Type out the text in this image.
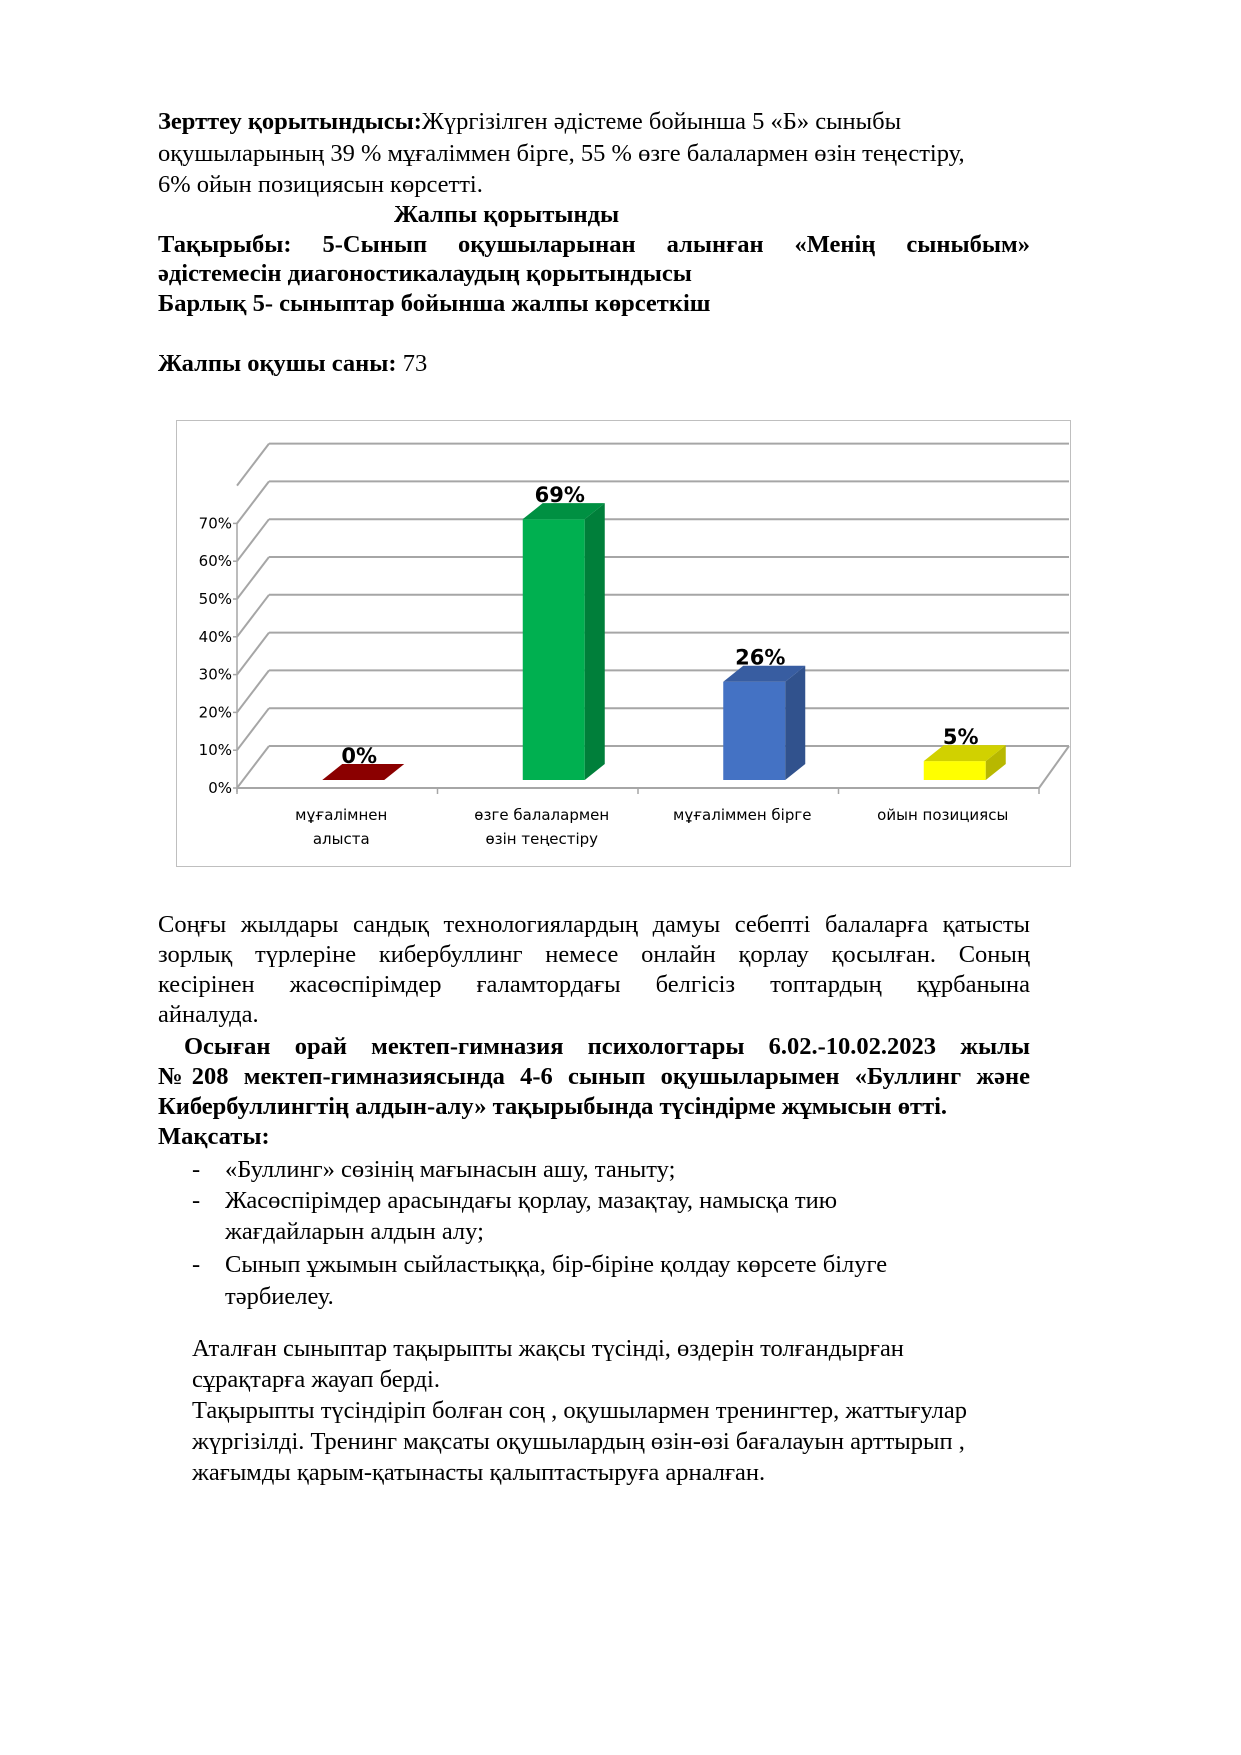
Зерттеу қорытындысы:Жүргізілген әдістеме бойынша 5 «Б» сыныбы
оқушыларының 39 % мұғаліммен бірге, 55 % өзге балалармен өзін теңестіру,
6% ойын позициясын көрсетті.
Жалпы қорытынды
Тақырыбы: 5-Сынып оқушыларынан алынған «Менің сыныбым»
әдістемесін диагоностикалаудың қорытындысы
Барлық 5- сыныптар бойынша жалпы көрсеткіш
Жалпы оқушы саны: 73
0%
10%
20%
30%
40%
50%
60%
70%
0%
69%
26%
5%
мұғалімнен
алыста
өзге балалармен
өзін теңестіру
мұғаліммен бірге	ойын позициясы
Соңғы жылдары сандық технологиялардың дамуы себепті балаларға қатысты
зорлық түрлеріне кибербуллинг немесе онлайн қорлау қосылған. Соның
кесірінен жасөспірімдер ғаламтордағы белгісіз топтардың құрбанына
айналуда.
Осыған орай мектеп-гимназия психологтары 6.02.-10.02.2023 жылы
№208 мектеп-гимназиясында 4-6 сынып оқушыларымен «Буллинг және
Кибербуллингтің алдын-алу» тақырыбында түсіндірме жұмысын өтті.
Мақсаты:
- «Буллинг» сөзінің мағынасын ашу, таныту;
- Жасөспірімдер арасындағы қорлау, мазақтау, намысқа тию
жағдайларын алдын алу;
- Сынып ұжымын сыйластыққа, бір-біріне қолдау көрсете білуге
тәрбиелеу.
Аталған сыныптар тақырыпты жақсы түсінді, өздерін толғандырған
сұрақтарға жауап берді.
Тақырыпты түсіндіріп болған соң , оқушылармен тренингтер, жаттығулар
жүргізілді. Тренинг мақсаты оқушылардың өзін-өзі бағалауын арттырып ,
жағымды қарым-қатынасты қалыптастыруға арналған.
